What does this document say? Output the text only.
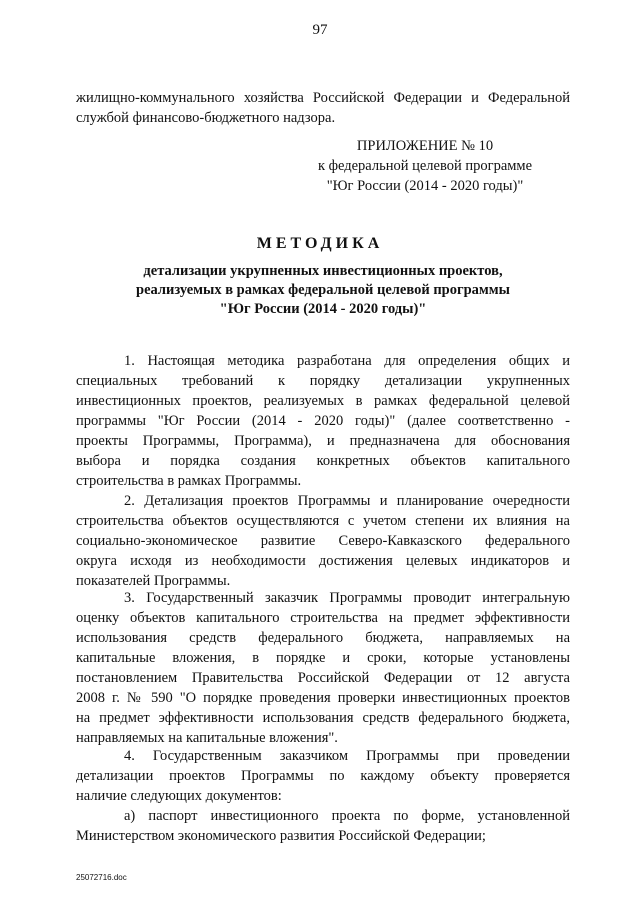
97
жилищно-коммунального хозяйства Российской Федерации и Федеральной
службой финансово-бюджетного надзора.
ПРИЛОЖЕНИЕ № 10
к федеральной целевой программе
"Юг России (2014 - 2020 годы)"
МЕТОДИКА
детализации укрупненных инвестиционных проектов,
реализуемых в рамках федеральной целевой программы
"Юг России (2014 - 2020 годы)"
1. Настоящая методика разработана для определения общих и
специальных требований к порядку детализации укрупненных
инвестиционных проектов, реализуемых в рамках федеральной целевой
программы "Юг России (2014 - 2020 годы)" (далее соответственно -
проекты Программы, Программа), и предназначена для обоснования
выбора и порядка создания конкретных объектов капитального
строительства в рамках Программы.
2. Детализация проектов Программы и планирование очередности
строительства объектов осуществляются с учетом степени их влияния на
социально-экономическое развитие Северо-Кавказского федерального
округа исходя из необходимости достижения целевых индикаторов и
показателей Программы.
3. Государственный заказчик Программы проводит интегральную
оценку объектов капитального строительства на предмет эффективности
использования средств федерального бюджета, направляемых на
капитальные вложения, в порядке и сроки, которые установлены
постановлением Правительства Российской Федерации от 12 августа
2008 г. № 590 "О порядке проведения проверки инвестиционных проектов
на предмет эффективности использования средств федерального бюджета,
направляемых на капитальные вложения".
4. Государственным заказчиком Программы при проведении
детализации проектов Программы по каждому объекту проверяется
наличие следующих документов:
а) паспорт инвестиционного проекта по форме, установленной
Министерством экономического развития Российской Федерации;
25072716.doc
